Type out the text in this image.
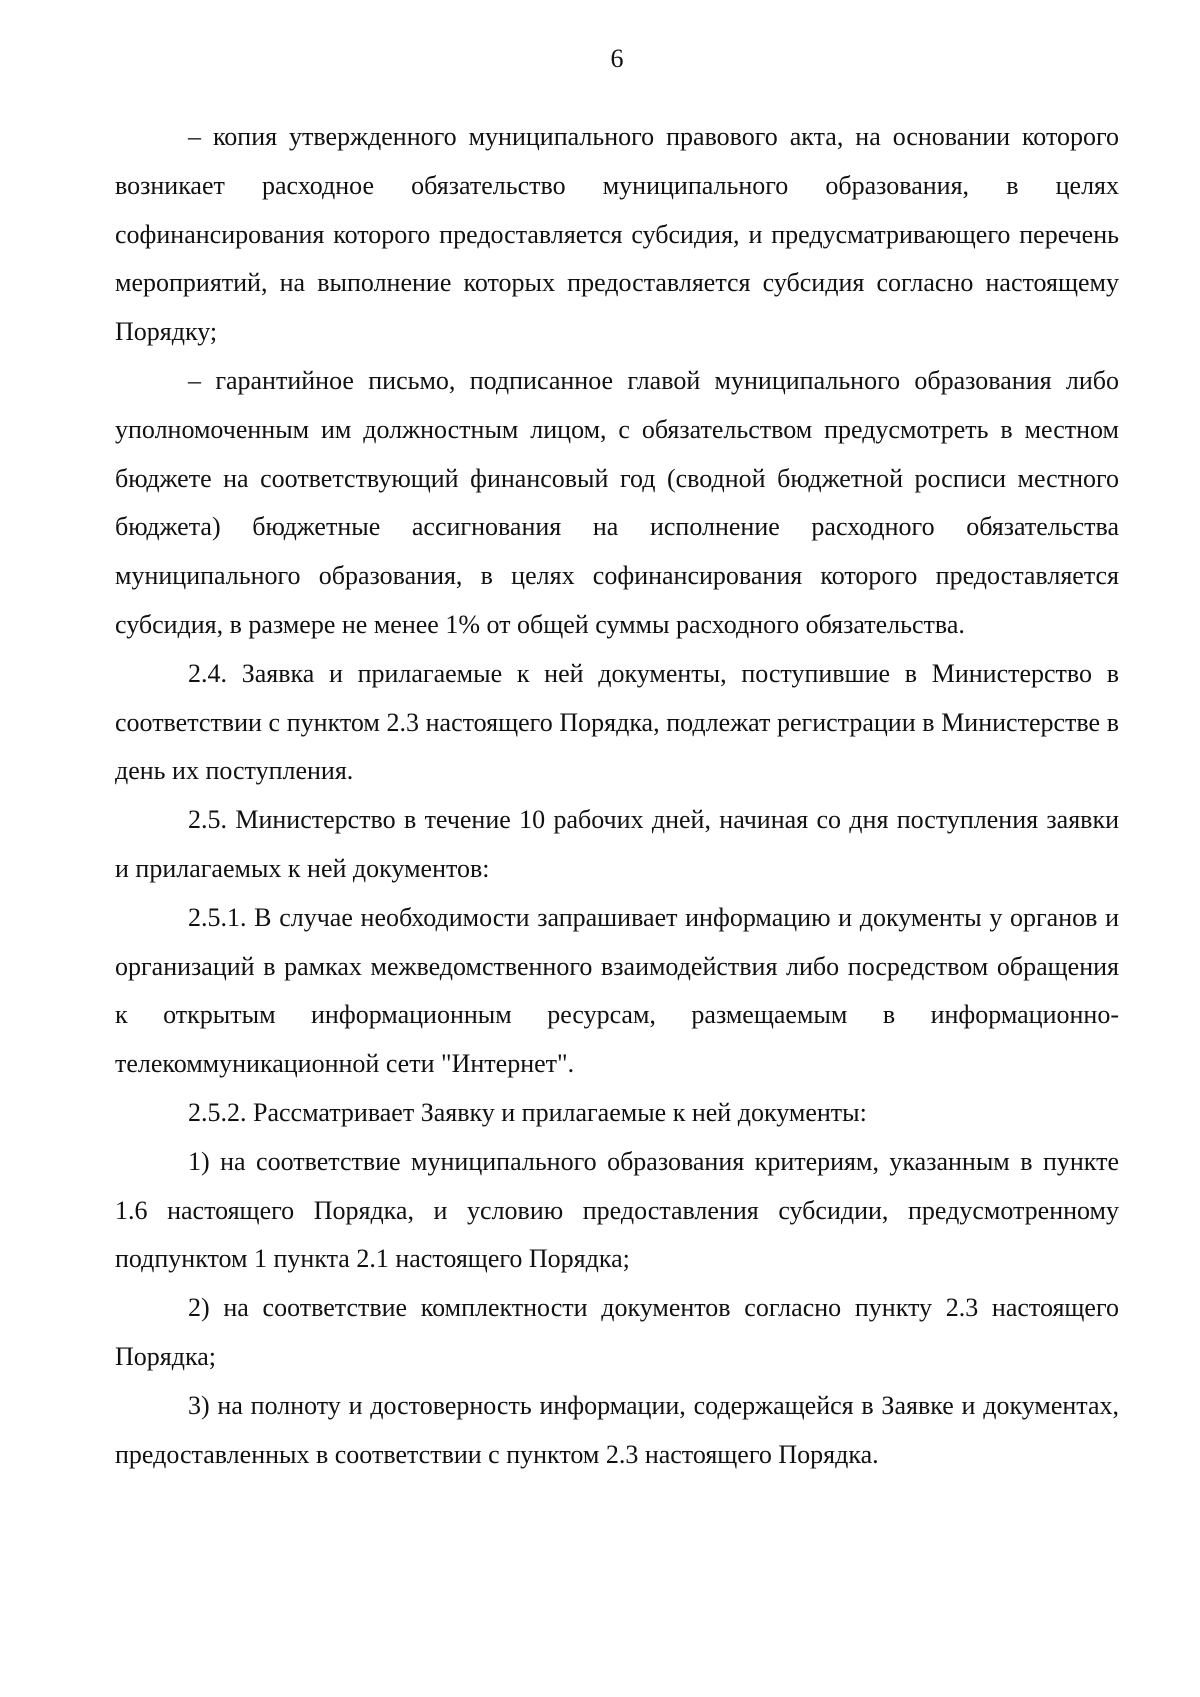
6

– копия утвержденного муниципального правового акта, на основании которого возникает расходное обязательство муниципального образования, в целях софинансирования которого предоставляется субсидия, и предусматривающего перечень мероприятий, на выполнение которых предоставляется субсидия согласно настоящему Порядку;

– гарантийное письмо, подписанное главой муниципального образования либо уполномоченным им должностным лицом, с обязательством предусмотреть в местном бюджете на соответствующий финансовый год (сводной бюджетной росписи местного бюджета) бюджетные ассигнования на исполнение расходного обязательства муниципального образования, в целях софинансирования которого предоставляется субсидия, в размере не менее 1% от общей суммы расходного обязательства.

2.4. Заявка и прилагаемые к ней документы, поступившие в Министерство в соответствии с пунктом 2.3 настоящего Порядка, подлежат регистрации в Министерстве в день их поступления.

2.5. Министерство в течение 10 рабочих дней, начиная со дня поступления заявки и прилагаемых к ней документов:

2.5.1. В случае необходимости запрашивает информацию и документы у органов и организаций в рамках межведомственного взаимодействия либо посредством обращения к открытым информационным ресурсам, размещаемым в информационно-телекоммуникационной сети "Интернет".

2.5.2. Рассматривает Заявку и прилагаемые к ней документы:

1) на соответствие муниципального образования критериям, указанным в пункте 1.6 настоящего Порядка, и условию предоставления субсидии, предусмотренному подпунктом 1 пункта 2.1 настоящего Порядка;

2) на соответствие комплектности документов согласно пункту 2.3 настоящего Порядка;

3) на полноту и достоверность информации, содержащейся в Заявке и документах, предоставленных в соответствии с пунктом 2.3 настоящего Порядка.
